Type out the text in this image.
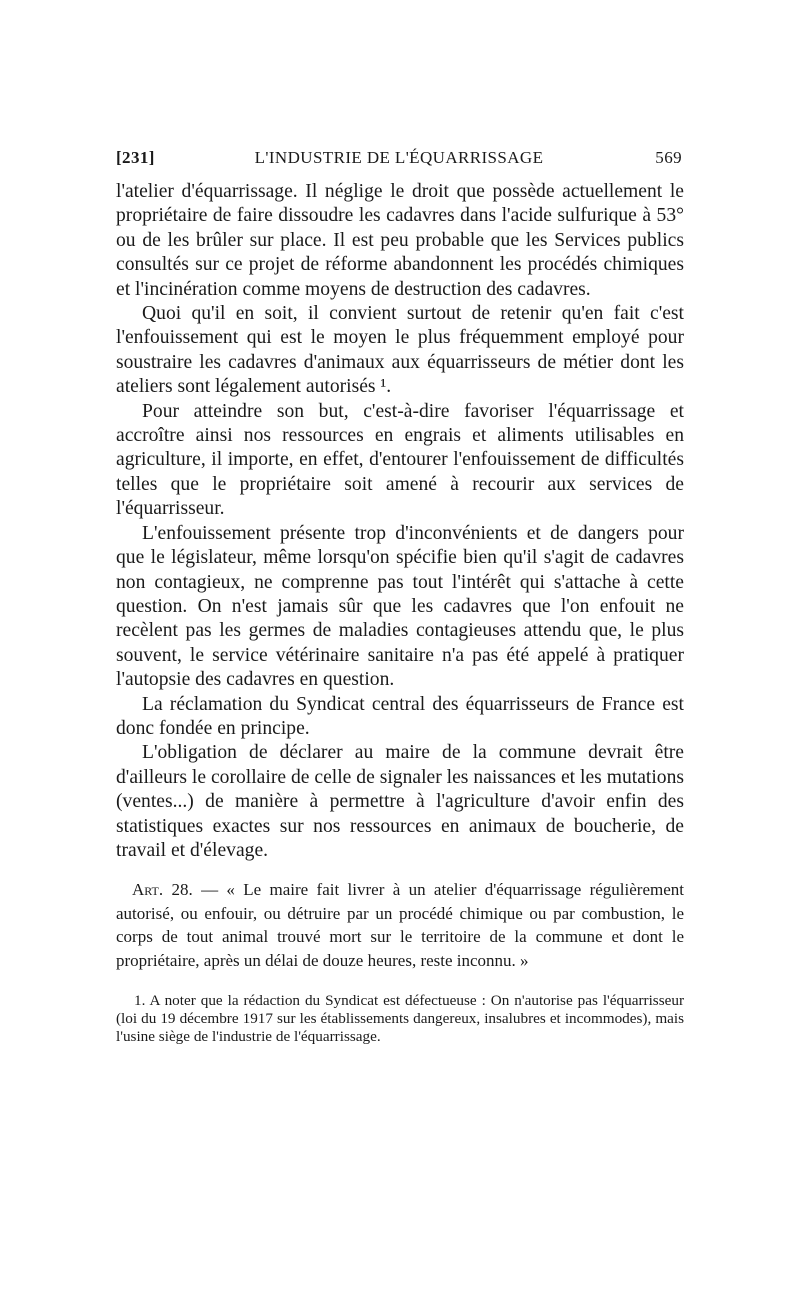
[231]	L'INDUSTRIE DE L'ÉQUARRISSAGE	569

l'atelier d'équarrissage. Il néglige le droit que possède actuellement le propriétaire de faire dissoudre les cadavres dans l'acide sulfurique à 53° ou de les brûler sur place. Il est peu probable que les Services publics consultés sur ce projet de réforme abandonnent les procédés chimiques et l'incinération comme moyens de destruction des cadavres.

Quoi qu'il en soit, il convient surtout de retenir qu'en fait c'est l'enfouissement qui est le moyen le plus fréquemment employé pour soustraire les cadavres d'animaux aux équarrisseurs de métier dont les ateliers sont légalement autorisés ¹.

Pour atteindre son but, c'est-à-dire favoriser l'équarrissage et accroître ainsi nos ressources en engrais et aliments utilisables en agriculture, il importe, en effet, d'entourer l'enfouissement de difficultés telles que le propriétaire soit amené à recourir aux services de l'équarrisseur.

L'enfouissement présente trop d'inconvénients et de dangers pour que le législateur, même lorsqu'on spécifie bien qu'il s'agit de cadavres non contagieux, ne comprenne pas tout l'intérêt qui s'attache à cette question. On n'est jamais sûr que les cadavres que l'on enfouit ne recèlent pas les germes de maladies contagieuses attendu que, le plus souvent, le service vétérinaire sanitaire n'a pas été appelé à pratiquer l'autopsie des cadavres en question.

La réclamation du Syndicat central des équarrisseurs de France est donc fondée en principe.

L'obligation de déclarer au maire de la commune devrait être d'ailleurs le corollaire de celle de signaler les naissances et les mutations (ventes...) de manière à permettre à l'agriculture d'avoir enfin des statistiques exactes sur nos ressources en animaux de boucherie, de travail et d'élevage.

Art. 28. — « Le maire fait livrer à un atelier d'équarrissage régulièrement autorisé, ou enfouir, ou détruire par un procédé chimique ou par combustion, le corps de tout animal trouvé mort sur le territoire de la commune et dont le propriétaire, après un délai de douze heures, reste inconnu. »

1. A noter que la rédaction du Syndicat est défectueuse : On n'autorise pas l'équarrisseur (loi du 19 décembre 1917 sur les établissements dangereux, insalubres et incommodes), mais l'usine siège de l'industrie de l'équarrissage.
